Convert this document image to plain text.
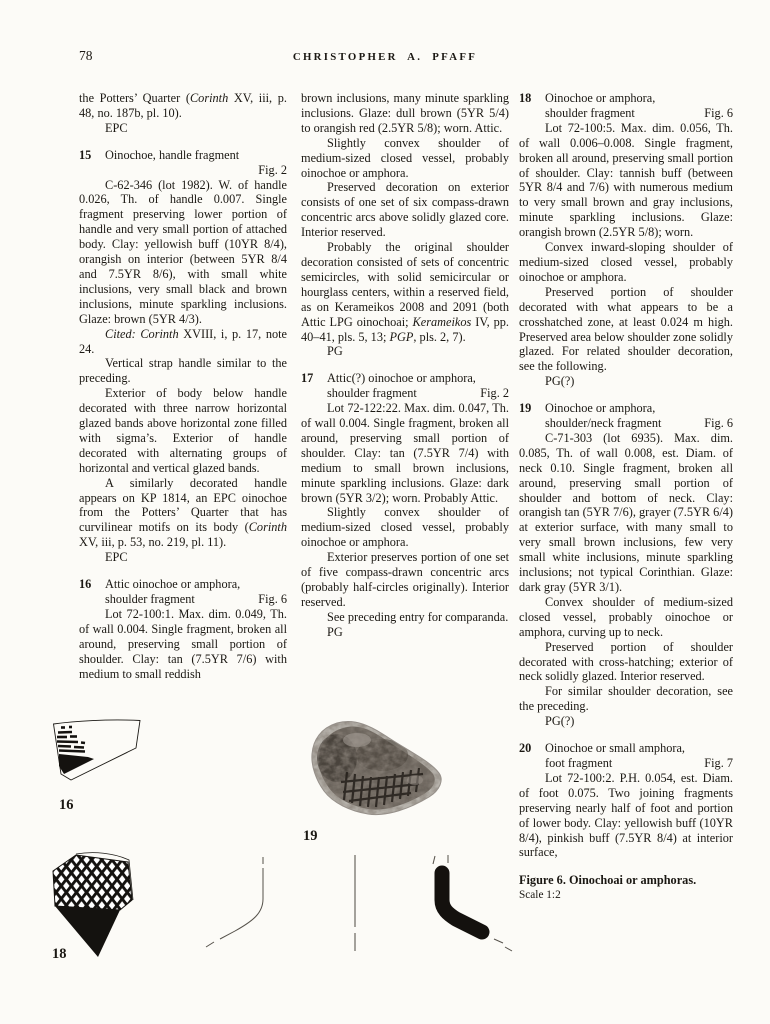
78	CHRISTOPHER A. PFAFF

the Potters’ Quarter (Corinth XV, iii, p. 48, no. 187b, pl. 10).

EPC

15	Oinochoe, handle fragment
Fig. 2

C-62-346 (lot 1982). W. of handle 0.026, Th. of handle 0.007. Single fragment preserving lower portion of handle and very small portion of attached body. Clay: yellowish buff (10YR 8/4), orangish on interior (between 5YR 8/4 and 7.5YR 8/6), with small white inclusions, very small black and brown inclusions, minute sparkling inclusions. Glaze: brown (5YR 4/3).

Cited: Corinth XVIII, i, p. 17, note 24.

Vertical strap handle similar to the preceding.

Exterior of body below handle decorated with three narrow horizontal glazed bands above horizontal zone filled with sigma’s. Exterior of handle decorated with alternating groups of horizontal and vertical glazed bands.

A similarly decorated handle appears on KP 1814, an EPC oinochoe from the Potters’ Quarter that has curvilinear motifs on its body (Corinth XV, iii, p. 53, no. 219, pl. 11).

EPC

16	Attic oinochoe or amphora,
shoulder fragment	Fig. 6

Lot 72-100:1. Max. dim. 0.049, Th. of wall 0.004. Single fragment, broken all around, preserving small portion of shoulder. Clay: tan (7.5YR 7/6) with medium to small reddish

brown inclusions, many minute sparkling inclusions. Glaze: dull brown (5YR 5/4) to orangish red (2.5YR 5/8); worn. Attic.

Slightly convex shoulder of medium-sized closed vessel, probably oinochoe or amphora.

Preserved decoration on exterior consists of one set of six compass-drawn concentric arcs above solidly glazed core. Interior reserved.

Probably the original shoulder decoration consisted of sets of concentric semicircles, with solid semicircular or hourglass centers, within a reserved field, as on Kerameikos 2008 and 2091 (both Attic LPG oinochoai; Kerameikos IV, pp. 40–41, pls. 5, 13; PGP, pls. 2, 7).

PG

17	Attic(?) oinochoe or amphora,
shoulder fragment	Fig. 2

Lot 72-122:22. Max. dim. 0.047, Th. of wall 0.004. Single fragment, broken all around, preserving small portion of shoulder. Clay: tan (7.5YR 7/4) with medium to small brown inclusions, minute sparkling inclusions. Glaze: dark brown (5YR 3/2); worn. Probably Attic.

Slightly convex shoulder of medium-sized closed vessel, probably oinochoe or amphora.

Exterior preserves portion of one set of five compass-drawn concentric arcs (probably half-circles originally). Interior reserved.

See preceding entry for comparanda.

PG

18	Oinochoe or amphora,
shoulder fragment	Fig. 6

Lot 72-100:5. Max. dim. 0.056, Th. of wall 0.006–0.008. Single fragment, broken all around, preserving small portion of shoulder. Clay: tannish buff (between 5YR 8/4 and 7/6) with numerous medium to very small brown and gray inclusions, minute sparkling inclusions. Glaze: orangish brown (2.5YR 5/8); worn.

Convex inward-sloping shoulder of medium-sized closed vessel, probably oinochoe or amphora.

Preserved portion of shoulder decorated with what appears to be a crosshatched zone, at least 0.024 m high. Preserved area below shoulder zone solidly glazed. For related shoulder decoration, see the following.

PG(?)

19	Oinochoe or amphora,
shoulder/neck fragment	Fig. 6

C-71-303 (lot 6935). Max. dim. 0.085, Th. of wall 0.008, est. Diam. of neck 0.10. Single fragment, broken all around, preserving small portion of shoulder and bottom of neck. Clay: orangish tan (5YR 7/6), grayer (7.5YR 6/4) at exterior surface, with many small to very small brown inclusions, few very small white inclusions, minute sparkling inclusions; not typical Corinthian. Glaze: dark gray (5YR 3/1).

Convex shoulder of medium-sized closed vessel, probably oinochoe or amphora, curving up to neck.

Preserved portion of shoulder decorated with cross-hatching; exterior of neck solidly glazed. Interior reserved.

For similar shoulder decoration, see the preceding.

PG(?)

20	Oinochoe or small amphora,
foot fragment	Fig. 7

Lot 72-100:2. P.H. 0.054, est. Diam. of foot 0.075. Two joining fragments preserving nearly half of foot and portion of lower body. Clay: yellowish buff (10YR 8/4), pinkish buff (7.5YR 8/4) at interior surface,

Figure 6. Oinochoai or amphoras.
Scale 1:2
16
19
18
